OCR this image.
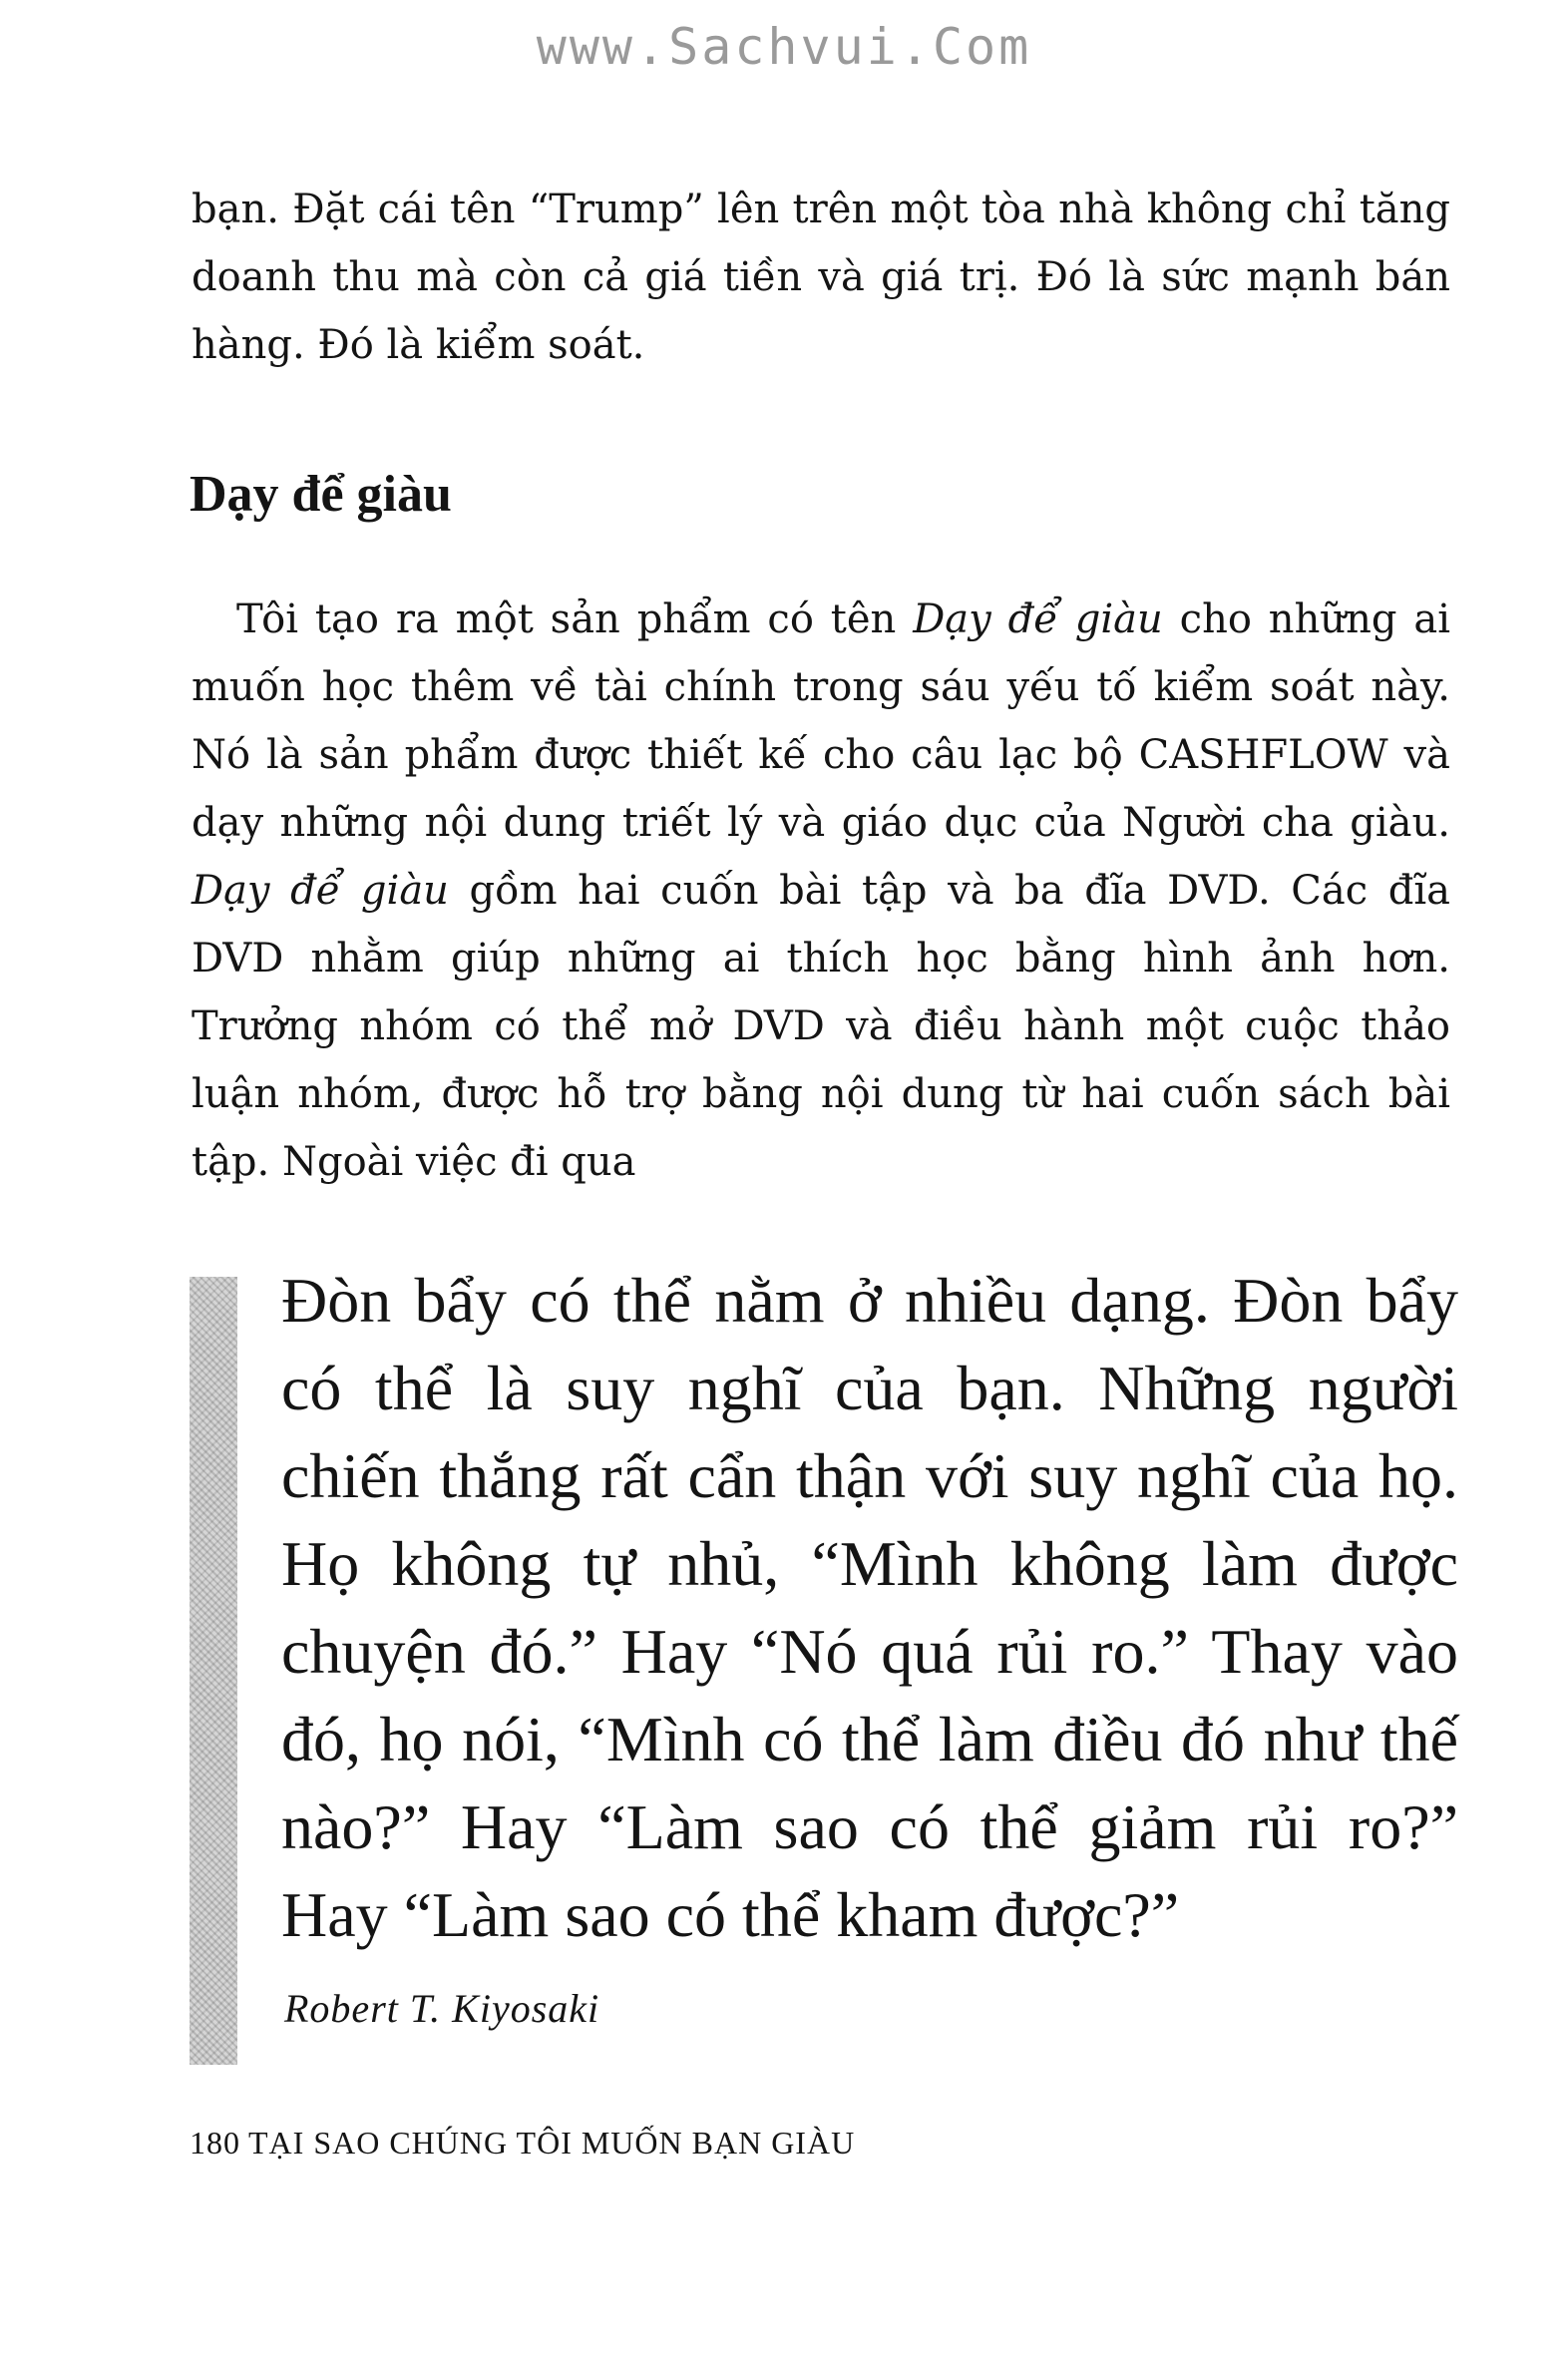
www.Sachvui.Com

bạn. Đặt cái tên “Trump” lên trên một tòa nhà không chỉ tăng doanh thu mà còn cả giá tiền và giá trị. Đó là sức mạnh bán hàng. Đó là kiểm soát.

Dạy để giàu

Tôi tạo ra một sản phẩm có tên Dạy để giàu cho những ai muốn học thêm về tài chính trong sáu yếu tố kiểm soát này. Nó là sản phẩm được thiết kế cho câu lạc bộ CASHFLOW và dạy những nội dung triết lý và giáo dục của Người cha giàu. Dạy để giàu gồm hai cuốn bài tập và ba đĩa DVD. Các đĩa DVD nhằm giúp những ai thích học bằng hình ảnh hơn. Trưởng nhóm có thể mở DVD và điều hành một cuộc thảo luận nhóm, được hỗ trợ bằng nội dung từ hai cuốn sách bài tập. Ngoài việc đi qua

Đòn bẩy có thể nằm ở nhiều dạng. Đòn bẩy có thể là suy nghĩ của bạn. Những người chiến thắng rất cẩn thận với suy nghĩ của họ. Họ không tự nhủ, “Mình không làm được chuyện đó.” Hay “Nó quá rủi ro.” Thay vào đó, họ nói, “Mình có thể làm điều đó như thế nào?” Hay “Làm sao có thể giảm rủi ro?” Hay “Làm sao có thể kham được?”

Robert T. Kiyosaki

180 TẠI SAO CHÚNG TÔI MUỐN BẠN GIÀU
